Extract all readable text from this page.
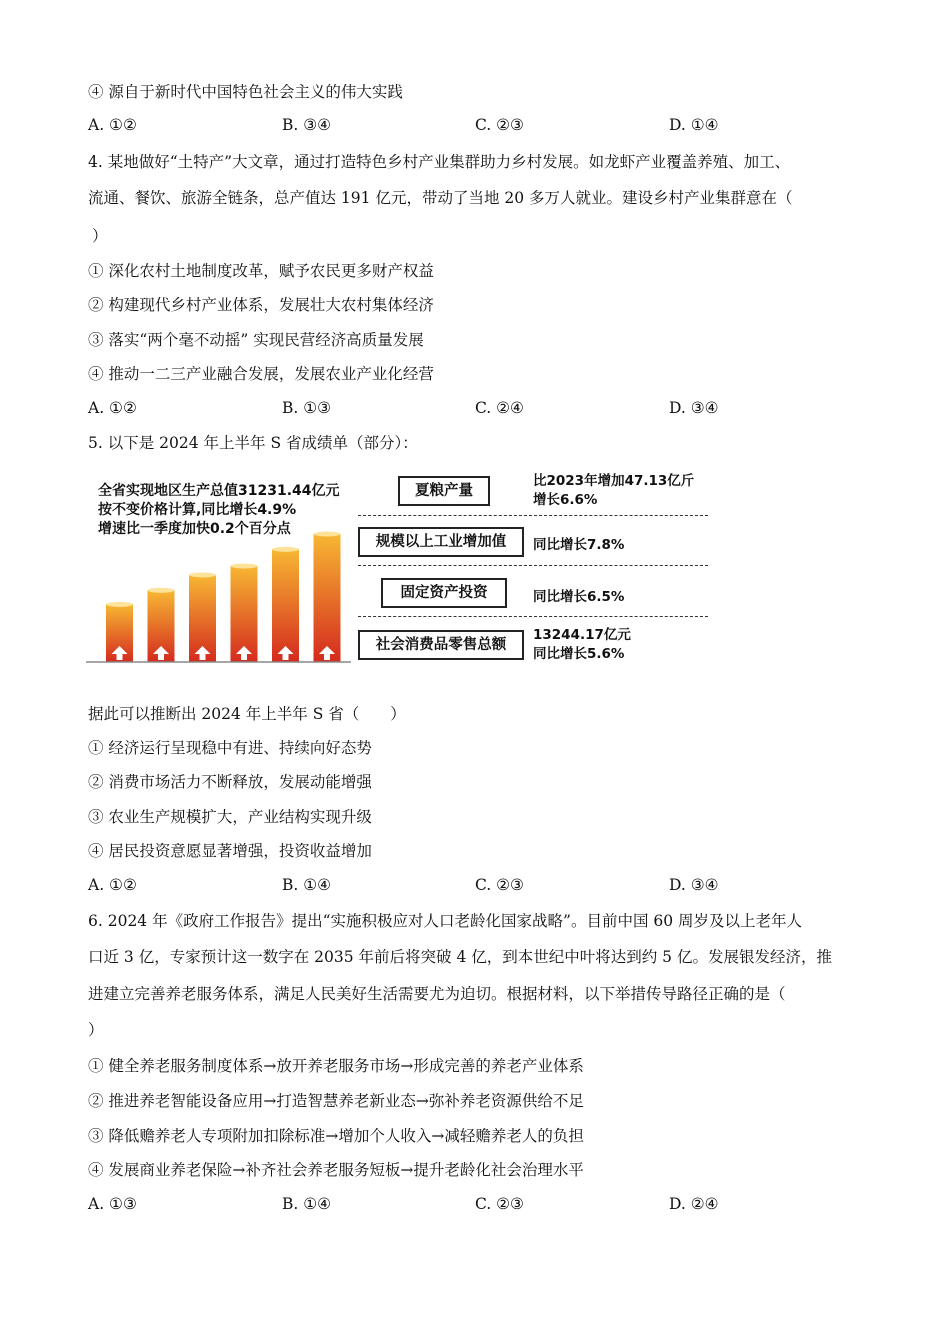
④ 源自于新时代中国特色社会主义的伟大实践
A. ①②	B. ③④	C. ②③	D. ①④
4. 某地做好“土特产”大文章，通过打造特色乡村产业集群助力乡村发展。如龙虾产业覆盖养殖、加工、
流通、餐饮、旅游全链条，总产值达 191 亿元，带动了当地 20 多万人就业。建设乡村产业集群意在（
）
① 深化农村土地制度改革，赋予农民更多财产权益
② 构建现代乡村产业体系，发展壮大农村集体经济
③ 落实“两个毫不动摇” 实现民营经济高质量发展
④ 推动一二三产业融合发展，发展农业产业化经营
A. ①②	B. ①③	C. ②④	D. ③④
5. 以下是 2024 年上半年 S 省成绩单（部分）：
全省实现地区生产总值31231.44亿元
按不变价格计算,同比增长4.9%
增速比一季度加快0.2个百分点
夏粮产量
比2023年增加47.13亿斤
增长6.6%
规模以上工业增加值	同比增长7.8%
固定资产投资	同比增长6.5%
社会消费品零售总额
13244.17亿元
同比增长5.6%
据此可以推断出 2024 年上半年 S 省（　　）
① 经济运行呈现稳中有进、持续向好态势
② 消费市场活力不断释放，发展动能增强
③ 农业生产规模扩大，产业结构实现升级
④ 居民投资意愿显著增强，投资收益增加
A. ①②	B. ①④	C. ②③	D. ③④
6. 2024 年《政府工作报告》提出“实施积极应对人口老龄化国家战略”。目前中国 60 周岁及以上老年人
口近 3 亿，专家预计这一数字在 2035 年前后将突破 4 亿，到本世纪中叶将达到约 5 亿。发展银发经济，推
进建立完善养老服务体系，满足人民美好生活需要尤为迫切。根据材料，以下举措传导路径正确的是（
）
① 健全养老服务制度体系→放开养老服务市场→形成完善的养老产业体系
② 推进养老智能设备应用→打造智慧养老新业态→弥补养老资源供给不足
③ 降低赡养老人专项附加扣除标准→增加个人收入→减轻赡养老人的负担
④ 发展商业养老保险→补齐社会养老服务短板→提升老龄化社会治理水平
A. ①③	B. ①④	C. ②③	D. ②④
